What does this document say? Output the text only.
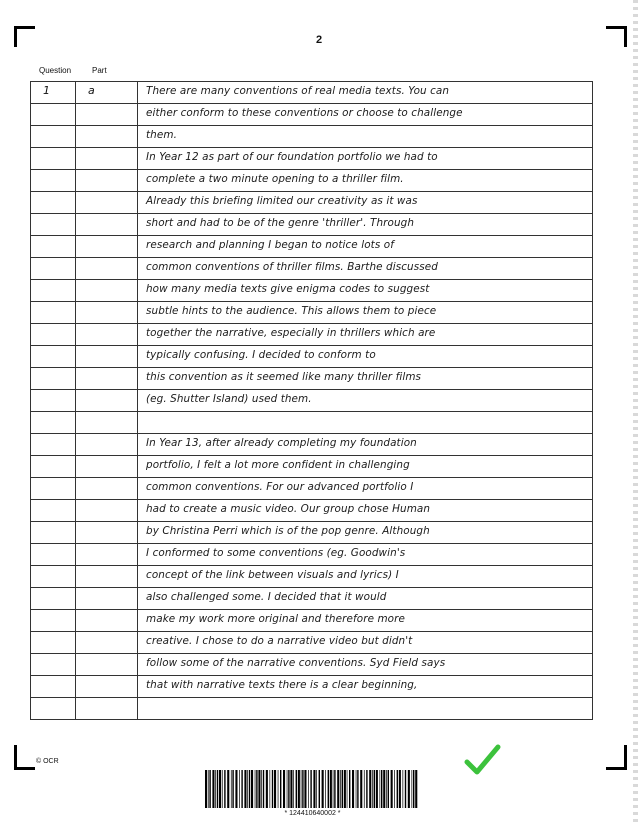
2
Question	Part
1	a	There are many conventions of real media texts. You can
either conform to these conventions or choose to challenge
them.
In Year 12 as part of our foundation portfolio we had to
complete a two minute opening to a thriller film.
Already this briefing limited our creativity as it was
short and had to be of the genre 'thriller'. Through
research and planning I began to notice lots of
common conventions of thriller films. Barthe discussed
how many media texts give enigma codes to suggest
subtle hints to the audience. This allows them to piece
together the narrative, especially in thrillers which are
typically confusing. I decided to conform to
this convention as it seemed like many thriller films
(eg. Shutter Island) used them.
In Year 13, after already completing my foundation
portfolio, I felt a lot more confident in challenging
common conventions. For our advanced portfolio I
had to create a music video. Our group chose Human
by Christina Perri which is of the pop genre. Although
I conformed to some conventions (eg. Goodwin's
concept of the link between visuals and lyrics) I
also challenged some. I decided that it would
make my work more original and therefore more
creative. I chose to do a narrative video but didn't
follow some of the narrative conventions. Syd Field says
that with narrative texts there is a clear beginning,
© OCR
* 124410640002 *
